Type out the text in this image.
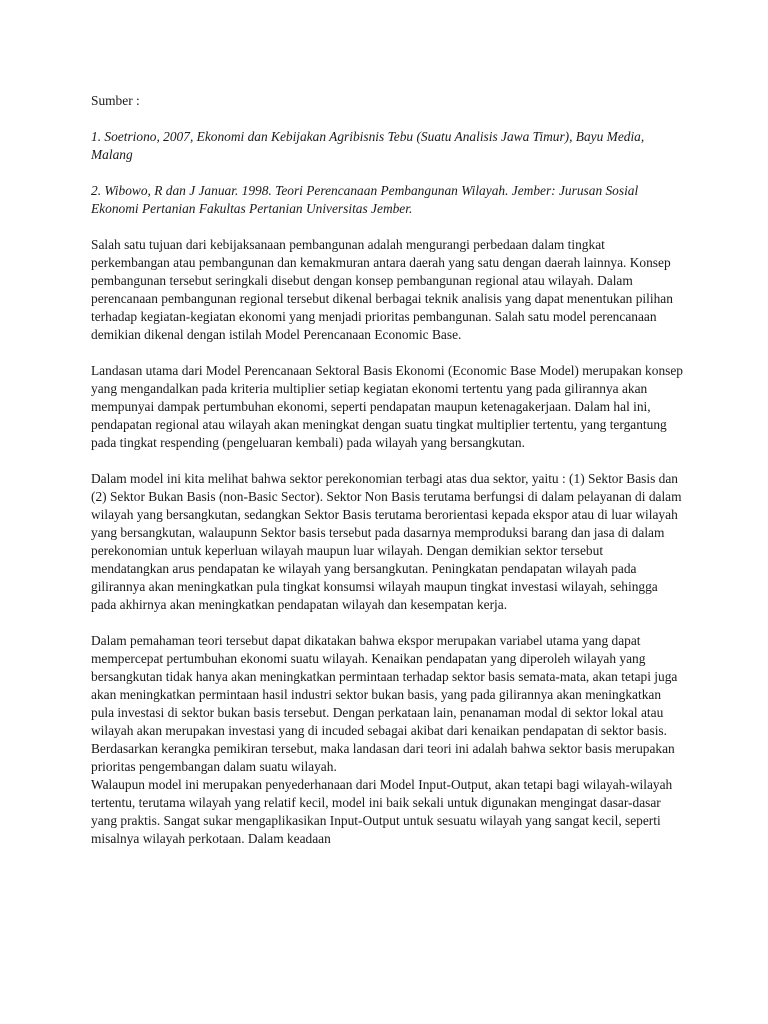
Sumber :

1. Soetriono, 2007, Ekonomi dan Kebijakan Agribisnis Tebu (Suatu Analisis Jawa Timur), Bayu Media, Malang

2. Wibowo, R dan J Januar. 1998. Teori Perencanaan Pembangunan Wilayah. Jember: Jurusan Sosial Ekonomi Pertanian Fakultas Pertanian Universitas Jember.

Salah satu tujuan dari kebijaksanaan pembangunan adalah mengurangi perbedaan dalam tingkat perkembangan atau pembangunan dan kemakmuran antara daerah yang satu dengan daerah lainnya. Konsep pembangunan tersebut seringkali disebut dengan konsep pembangunan regional atau wilayah. Dalam perencanaan pembangunan regional tersebut dikenal berbagai teknik analisis yang dapat menentukan pilihan terhadap kegiatan-kegiatan ekonomi yang menjadi prioritas pembangunan. Salah satu model perencanaan demikian dikenal dengan istilah Model Perencanaan Economic Base.

Landasan utama dari Model Perencanaan Sektoral Basis Ekonomi (Economic Base Model) merupakan konsep yang mengandalkan pada kriteria multiplier setiap kegiatan ekonomi tertentu yang pada gilirannya akan mempunyai dampak pertumbuhan ekonomi, seperti pendapatan maupun ketenagakerjaan. Dalam hal ini, pendapatan regional atau wilayah akan meningkat dengan suatu tingkat multiplier tertentu, yang tergantung pada tingkat respending (pengeluaran kembali) pada wilayah yang bersangkutan.

Dalam model ini kita melihat bahwa sektor perekonomian terbagi atas dua sektor, yaitu : (1) Sektor Basis dan (2) Sektor Bukan Basis (non-Basic Sector). Sektor Non Basis terutama berfungsi di dalam pelayanan di dalam wilayah yang bersangkutan, sedangkan Sektor Basis terutama berorientasi kepada ekspor atau di luar wilayah yang bersangkutan, walaupunn Sektor basis tersebut pada dasarnya memproduksi barang dan jasa di dalam perekonomian untuk keperluan wilayah maupun luar wilayah. Dengan demikian sektor tersebut mendatangkan arus pendapatan ke wilayah yang bersangkutan. Peningkatan pendapatan wilayah pada gilirannya akan meningkatkan pula tingkat konsumsi wilayah maupun tingkat investasi wilayah, sehingga pada akhirnya akan meningkatkan pendapatan wilayah dan kesempatan kerja.

Dalam pemahaman teori tersebut dapat dikatakan bahwa ekspor merupakan variabel utama yang dapat mempercepat pertumbuhan ekonomi suatu wilayah. Kenaikan pendapatan yang diperoleh wilayah yang bersangkutan tidak hanya akan meningkatkan permintaan terhadap sektor basis semata-mata, akan tetapi juga akan meningkatkan permintaan hasil industri sektor bukan basis, yang pada gilirannya akan meningkatkan pula investasi di sektor bukan basis tersebut. Dengan perkataan lain, penanaman modal di sektor lokal atau wilayah akan merupakan investasi yang di incuded sebagai akibat dari kenaikan pendapatan di sektor basis. Berdasarkan kerangka pemikiran tersebut, maka landasan dari teori ini adalah bahwa sektor basis merupakan prioritas pengembangan dalam suatu wilayah.

Walaupun model ini merupakan penyederhanaan dari Model Input-Output, akan tetapi bagi wilayah-wilayah tertentu, terutama wilayah yang relatif kecil, model ini baik sekali untuk digunakan mengingat dasar-dasar yang praktis. Sangat sukar mengaplikasikan Input-Output untuk sesuatu wilayah yang sangat kecil, seperti misalnya wilayah perkotaan. Dalam keadaan
